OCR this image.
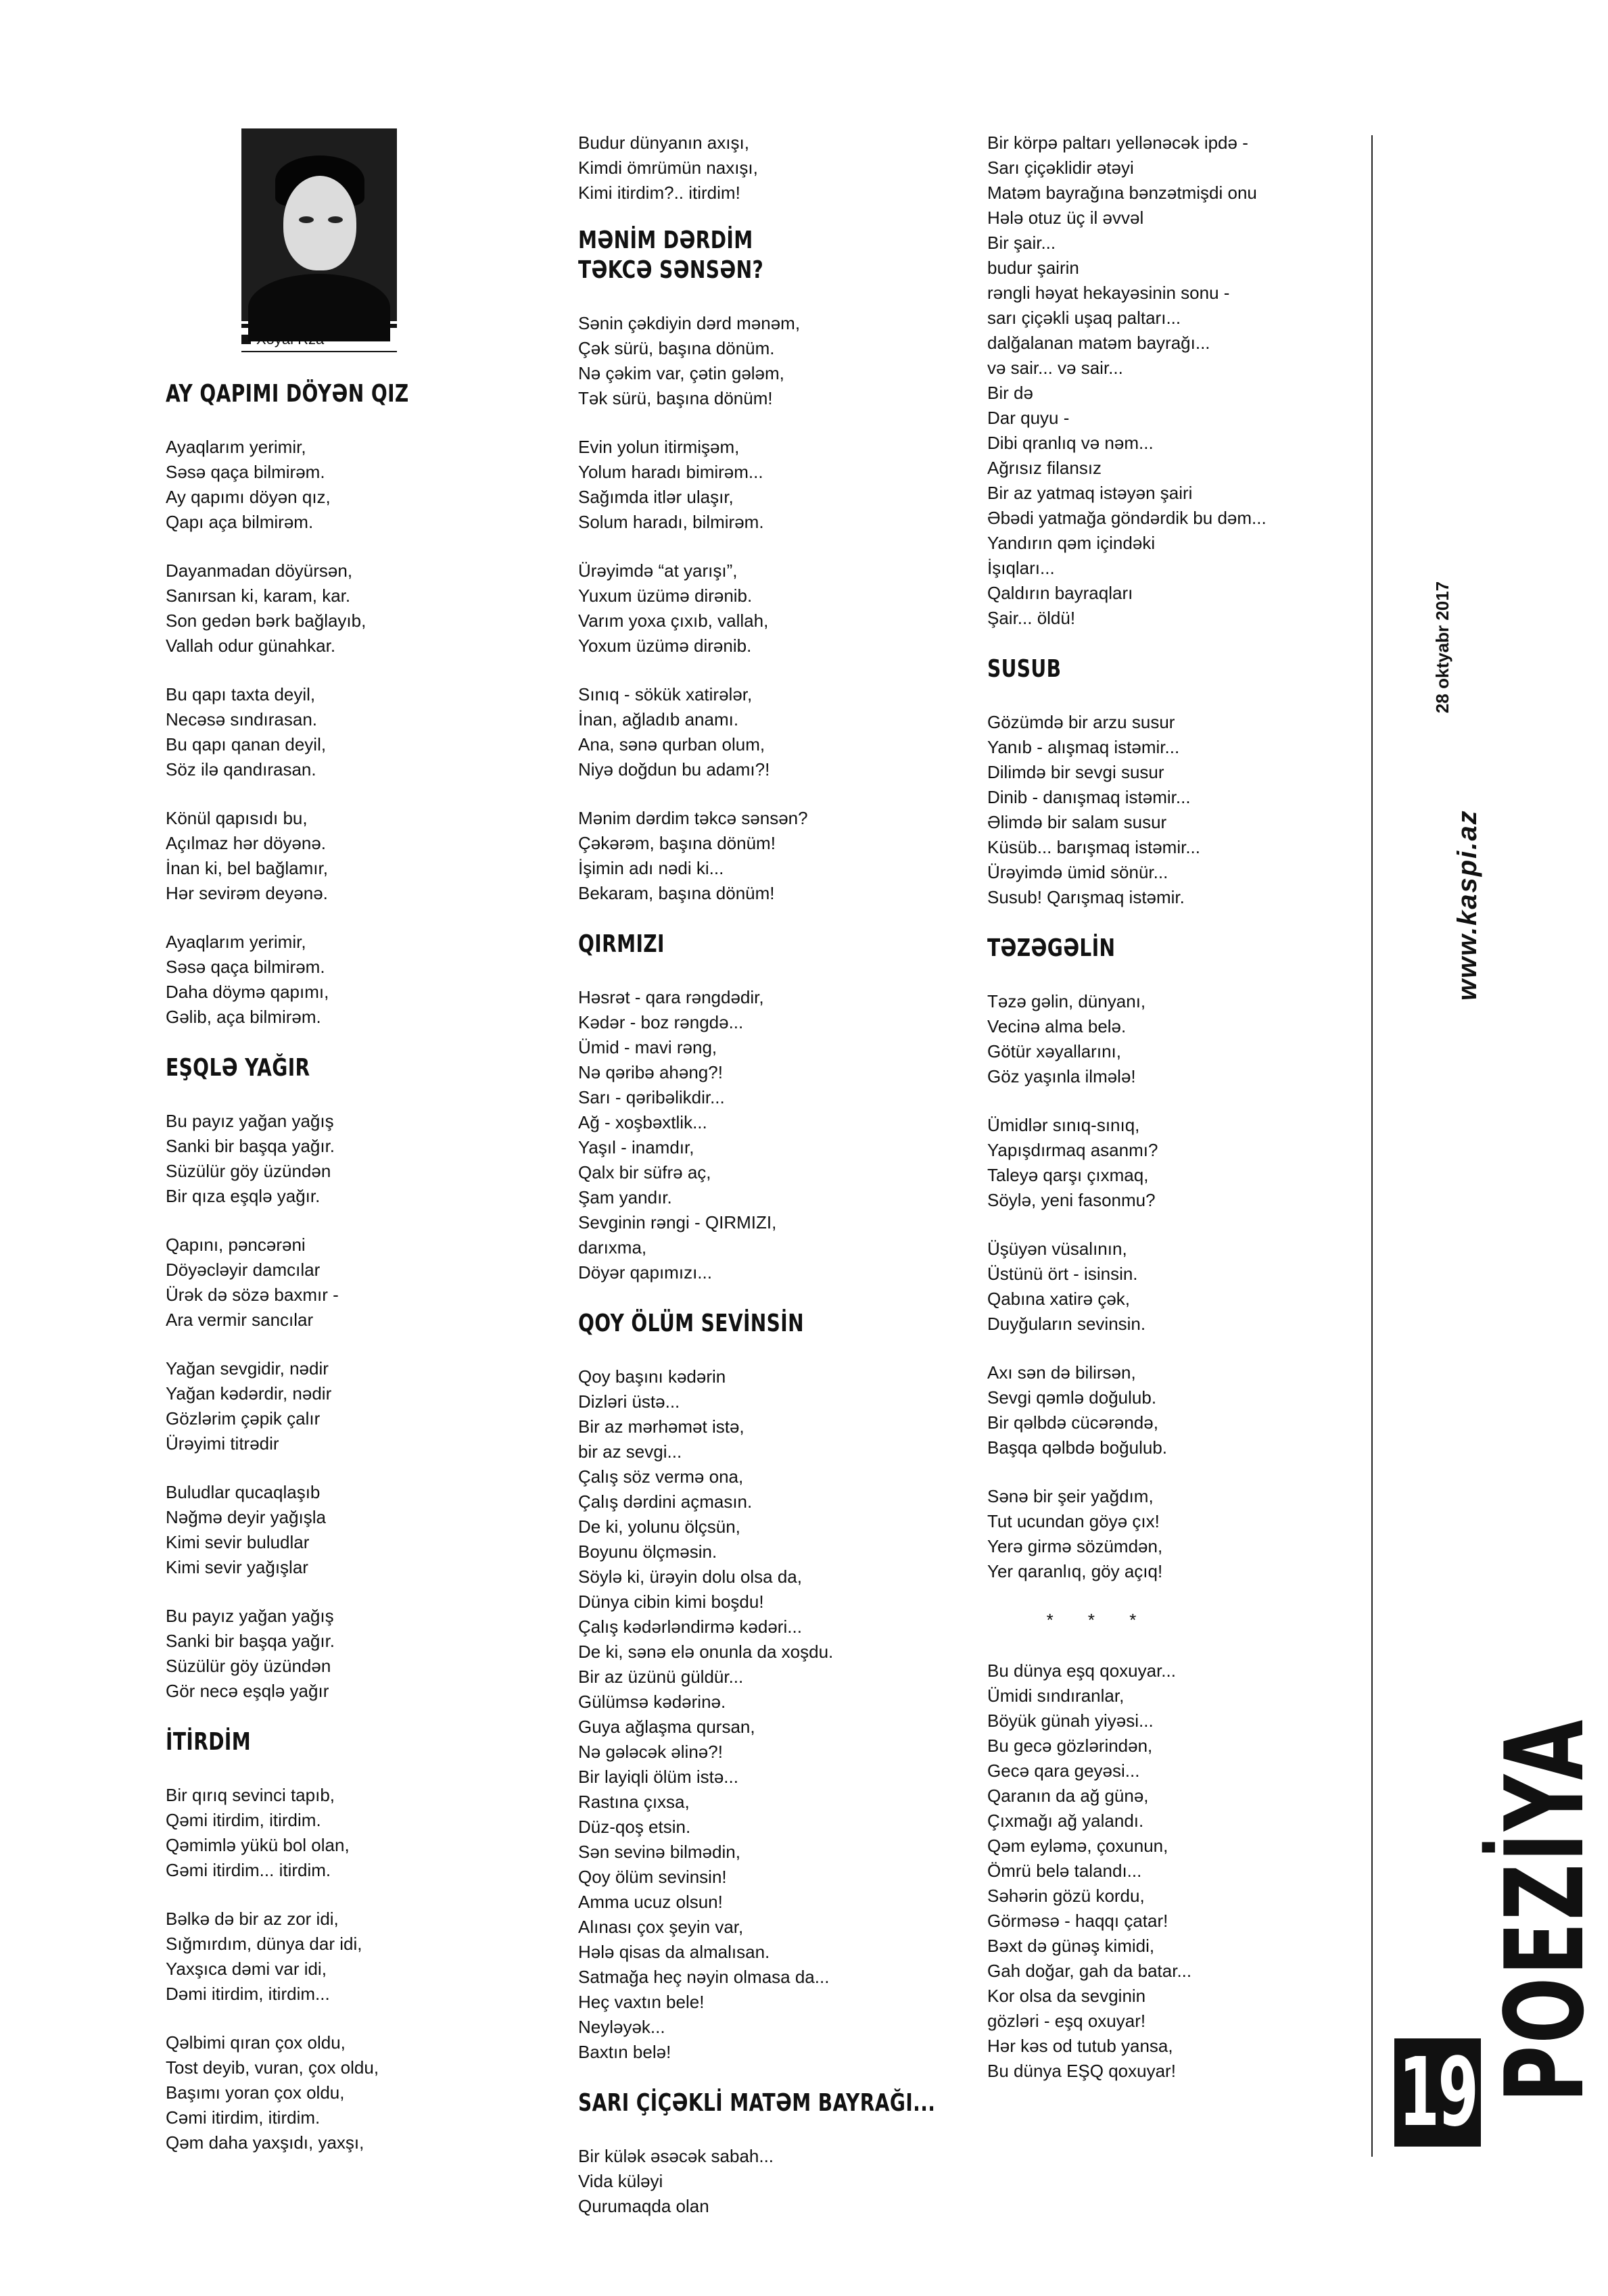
AY QAPIMI DÖYƏN QIZ
Ayaqlarım yerimir,
Səsə qaça bilmirəm.
Ay qapımı döyən qız,
Qapı aça bilmirəm.
Dayanmadan döyürsən,
Sanırsan ki, karam, kar.
Son gedən bərk bağlayıb,
Vallah odur günahkar.
Bu qapı taxta deyil,
Necəsə sındırasan.
Bu qapı qanan deyil,
Söz ilə qandırasan.
Könül qapısıdı bu,
Açılmaz hər döyənə.
İnan ki, bel bağlamır,
Hər sevirəm deyənə.
Ayaqlarım yerimir,
Səsə qaça bilmirəm.
Daha döymə qapımı,
Gəlib, aça bilmirəm.
EŞQLƏ YAĞIR
Bu payız yağan yağış
Sanki bir başqa yağır.
Süzülür göy üzündən
Bir qıza eşqlə yağır.
Qapını, pəncərəni
Döyəcləyir damcılar
Ürək də sözə baxmır -
Ara vermir sancılar
Yağan sevgidir, nədir
Yağan kədərdir, nədir
Gözlərim çəpik çalır
Ürəyimi titrədir
Buludlar qucaqlaşıb
Nəğmə deyir yağışla
Kimi sevir buludlar
Kimi sevir yağışlar
Bu payız yağan yağış
Sanki bir başqa yağır.
Süzülür göy üzündən
Gör necə eşqlə yağır
İTİRDİM
Bir qırıq sevinci tapıb,
Qəmi itirdim, itirdim.
Qəmimlə yükü bol olan,
Gəmi itirdim... itirdim.
Bəlkə də bir az zor idi,
Sığmırdım, dünya dar idi,
Yaxşıca dəmi var idi,
Dəmi itirdim, itirdim...
Qəlbimi qıran çox oldu,
Tost deyib, vuran, çox oldu,
Başımı yoran çox oldu,
Cəmi itirdim, itirdim.
Qəm daha yaxşıdı, yaxşı,
Budur dünyanın axışı,
Kimdi ömrümün naxışı,
Kimi itirdim?.. itirdim!
MƏNİM DƏRDİM
TƏKCƏ SƏNSƏN?
Sənin çəkdiyin dərd mənəm,
Çək sürü, başına dönüm.
Nə çəkim var, çətin gələm,
Tək sürü, başına dönüm!
Evin yolun itirmişəm,
Yolum haradı bimirəm...
Sağımda itlər ulaşır,
Solum haradı, bilmirəm.
Ürəyimdə “at yarışı”,
Yuxum üzümə dirənib.
Varım yoxa çıxıb, vallah,
Yoxum üzümə dirənib.
Sınıq - sökük xatirələr,
İnan, ağladıb anamı.
Ana, sənə qurban olum,
Niyə doğdun bu adamı?!
Mənim dərdim təkcə sənsən?
Çəkərəm, başına dönüm!
İşimin adı nədi ki...
Bekaram, başına dönüm!
QIRMIZI
Həsrət - qara rəngdədir,
Kədər - boz rəngdə...
Ümid - mavi rəng,
Nə qəribə ahəng?!
Sarı - qəribəlikdir...
Ağ - xoşbəxtlik...
Yaşıl - inamdır,
Qalx bir süfrə aç,
Şam yandır.
Sevginin rəngi - QIRMIZI,
darıxma,
Döyər qapımızı...
QOY ÖLÜM SEVİNSİN
Qoy başını kədərin
Dizləri üstə...
Bir az mərhəmət istə,
bir az sevgi...
Çalış söz vermə ona,
Çalış dərdini açmasın.
De ki, yolunu ölçsün,
Boyunu ölçməsin.
Söylə ki, ürəyin dolu olsa da,
Dünya cibin kimi boşdu!
Çalış kədərləndirmə kədəri...
De ki, sənə elə onunla da xoşdu.
Bir az üzünü güldür...
Gülümsə kədərinə.
Guya ağlaşma qursan,
Nə gələcək əlinə?!
Bir layiqli ölüm istə...
Rastına çıxsa,
Düz-qoş etsin.
Sən sevinə bilmədin,
Qoy ölüm sevinsin!
Amma ucuz olsun!
Alınası çox şeyin var,
Hələ qisas da almalısan.
Satmağa heç nəyin olmasa da...
Heç vaxtın bele!
Neyləyək...
Baxtın belə!
SARI ÇİÇƏKLİ MATƏM BAYRAĞI...
Bir külək əsəcək sabah...
Vida küləyi
Qurumaqda olan
Bir körpə paltarı yellənəcək ipdə -
Sarı çiçəklidir ətəyi
Matəm bayrağına bənzətmişdi onu
Hələ otuz üç il əvvəl
Bir şair...
budur şairin
rəngli həyat hekayəsinin sonu -
sarı çiçəkli uşaq paltarı...
dalğalanan matəm bayrağı...
və sair... və sair...
Bir də
Dar quyu -
Dibi qranlıq və nəm...
Ağrısız filansız
Bir az yatmaq istəyən şairi
Əbədi yatmağa göndərdik bu dəm...
Yandırın qəm içindəki
İşıqları...
Qaldırın bayraqları
Şair... öldü!
SUSUB
Gözümdə bir arzu susur
Yanıb - alışmaq istəmir...
Dilimdə bir sevgi susur
Dinib - danışmaq istəmir...
Əlimdə bir salam susur
Küsüb... barışmaq istəmir...
Ürəyimdə ümid sönür...
Susub! Qarışmaq istəmir.
TƏZƏGƏLİN
Təzə gəlin, dünyanı,
Vecinə alma belə.
Götür xəyallarını,
Göz yaşınla ilmələ!
Ümidlər sınıq-sınıq,
Yapışdırmaq asanmı?
Taleyə qarşı çıxmaq,
Söylə, yeni fasonmu?
Üşüyən vüsalının,
Üstünü ört - isinsin.
Qabına xatirə çək,
Duyğuların sevinsin.
Axı sən də bilirsən,
Sevgi qəmlə doğulub.
Bir qəlbdə cücərəndə,
Başqa qəlbdə boğulub.
Sənə bir şeir yağdım,
Tut ucundan göyə çıx!
Yerə girmə sözümdən,
Yer qaranlıq, göy açıq!
* * *
Bu dünya eşq qoxuyar...
Ümidi sındıranlar,
Böyük günah yiyəsi...
Bu gecə gözlərindən,
Gecə qara geyəsi...
Qaranın da ağ günə,
Çıxmağı ağ yalandı.
Qəm eyləmə, çoxunun,
Ömrü belə talandı...
Səhərin gözü kordu,
Görməsə - haqqı çatar!
Bəxt də günəş kimidi,
Gah doğar, gah da batar...
Kor olsa da sevginin
gözləri - eşq oxuyar!
Hər kəs od tutub yansa,
Bu dünya EŞQ qoxuyar!
28 oktyabr 2017
www.kaspi.az
POEZİYA
19
